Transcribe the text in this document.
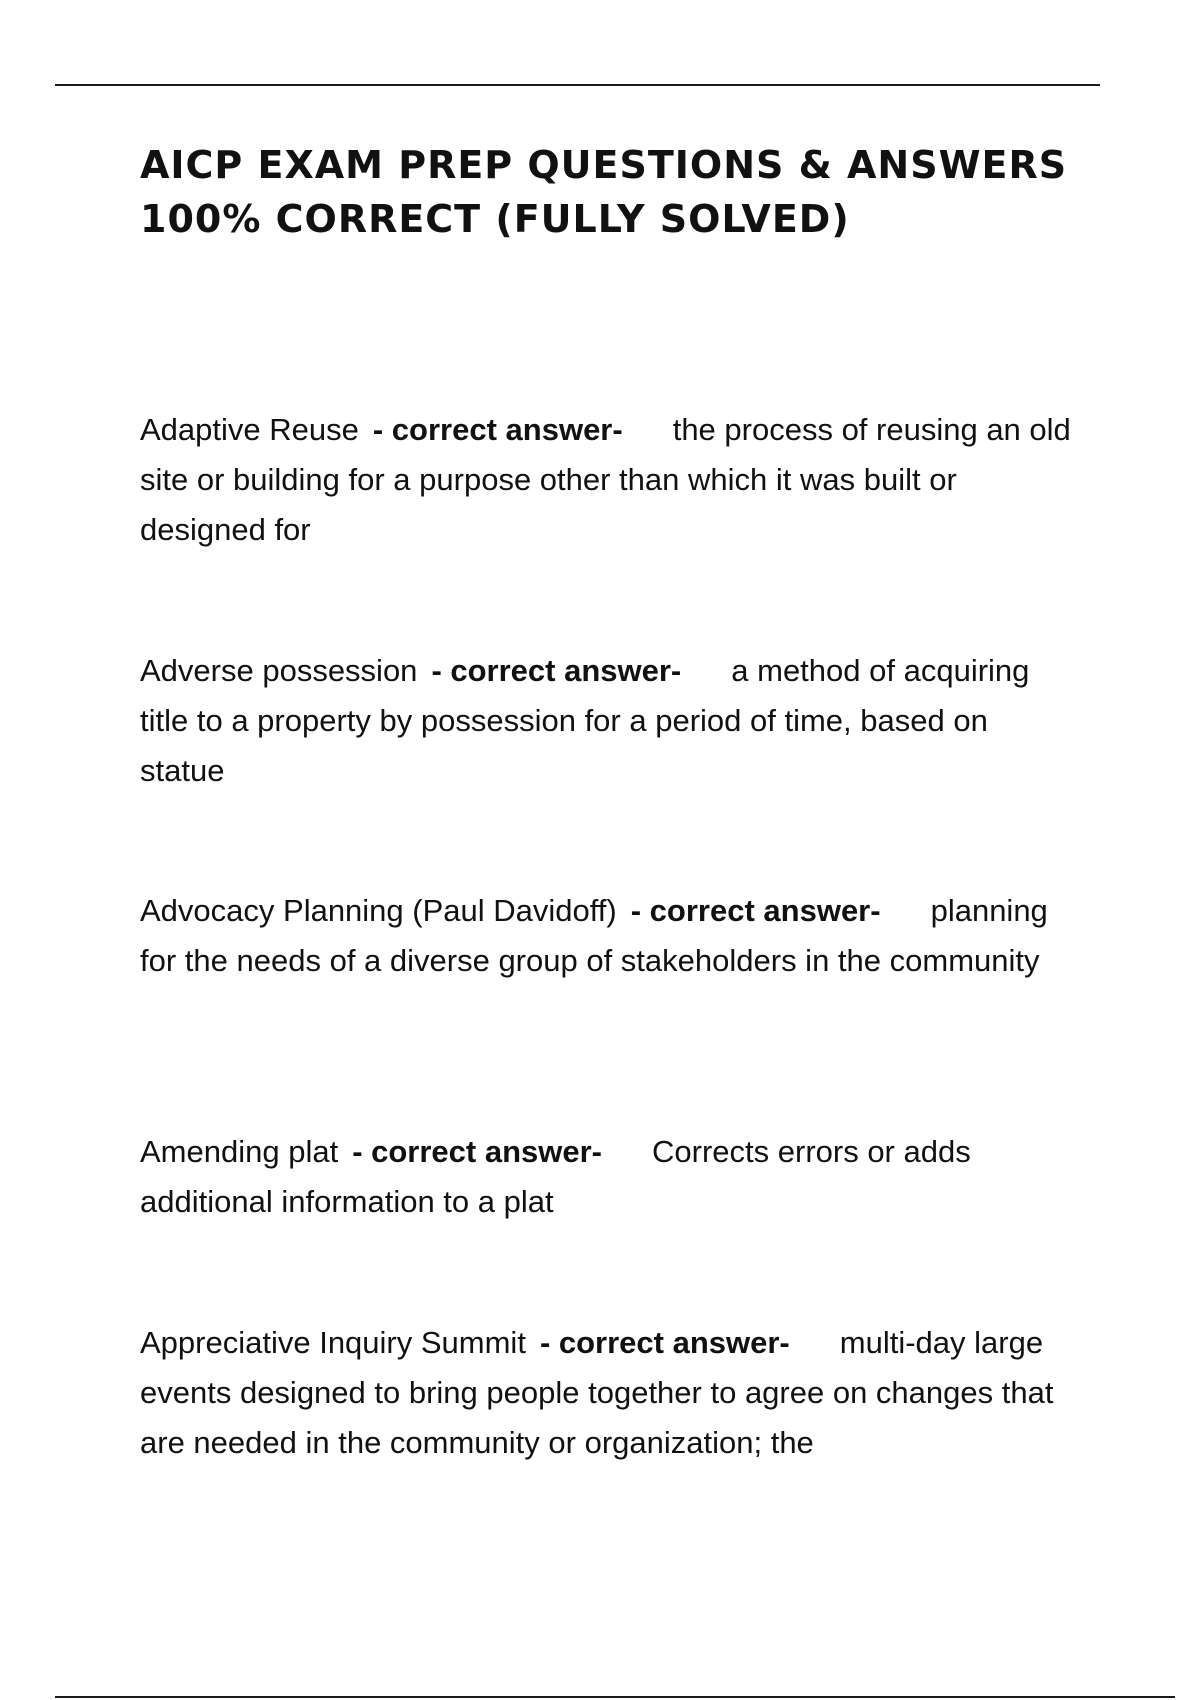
AICP EXAM PREP QUESTIONS & ANSWERS
100% CORRECT (FULLY SOLVED)

Adaptive Reuse - correct answer- the process of reusing an old site or building for a purpose other than which it was built or designed for

Adverse possession - correct answer- a method of acquiring title to a property by possession for a period of time, based on statue

Advocacy Planning (Paul Davidoff) - correct answer- planning for the needs of a diverse group of stakeholders in the community

Amending plat - correct answer- Corrects errors or adds additional information to a plat

Appreciative Inquiry Summit - correct answer- multi-day large events designed to bring people together to agree on changes that are needed in the community or organization; the
